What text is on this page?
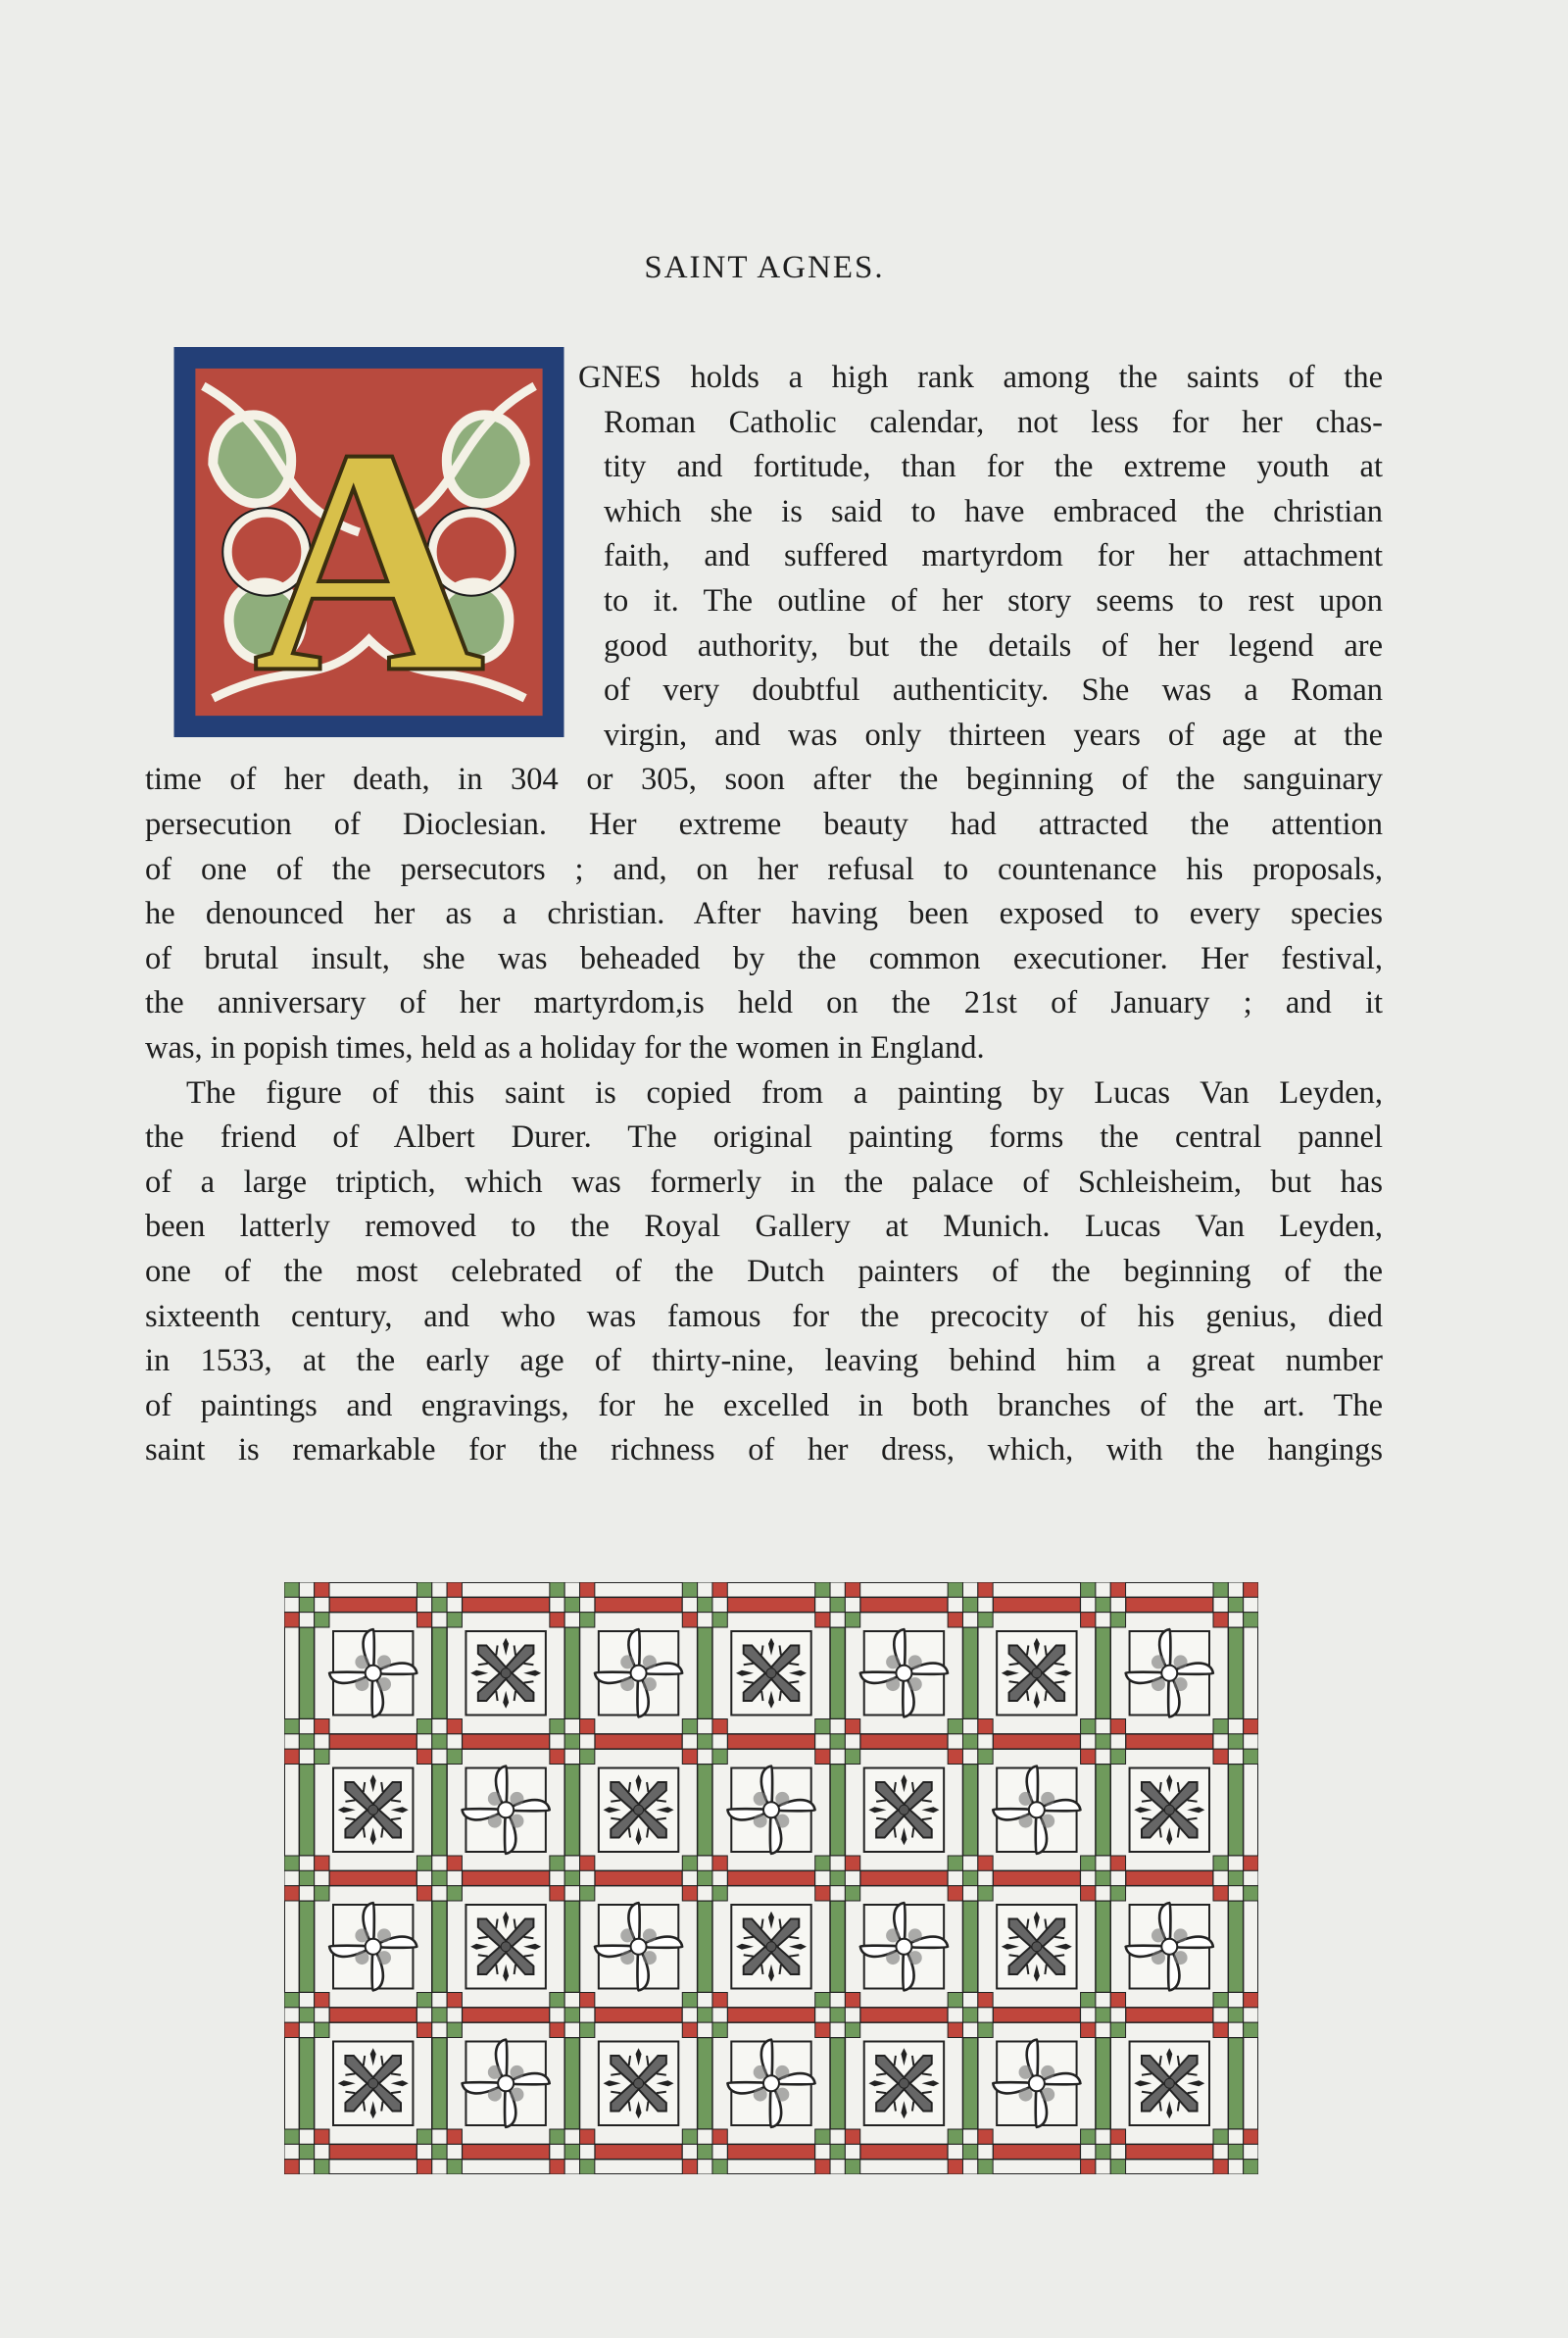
SAINT AGNES.
A
GNES holds a high rank among the saints of the
Roman Catholic calendar, not less for her chas-
tity and fortitude, than for the extreme youth at
which she is said to have embraced the christian
faith, and suffered martyrdom for her attachment
to it. The outline of her story seems to rest upon
good authority, but the details of her legend are
of very doubtful authenticity. She was a Roman
virgin, and was only thirteen years of age at the
time of her death, in 304 or 305, soon after the beginning of the sanguinary
persecution of Dioclesian. Her extreme beauty had attracted the attention
of one of the persecutors ; and, on her refusal to countenance his proposals,
he denounced her as a christian. After having been exposed to every species
of brutal insult, she was beheaded by the common executioner. Her festival,
the anniversary of her martyrdom,is held on the 21st of January ; and it
was, in popish times, held as a holiday for the women in England.
The figure of this saint is copied from a painting by Lucas Van Leyden,
the friend of Albert Durer. The original painting forms the central pannel
of a large triptich, which was formerly in the palace of Schleisheim, but has
been latterly removed to the Royal Gallery at Munich. Lucas Van Leyden,
one of the most celebrated of the Dutch painters of the beginning of the
sixteenth century, and who was famous for the precocity of his genius, died
in 1533, at the early age of thirty-nine, leaving behind him a great number
of paintings and engravings, for he excelled in both branches of the art. The
saint is remarkable for the richness of her dress, which, with the hangings
